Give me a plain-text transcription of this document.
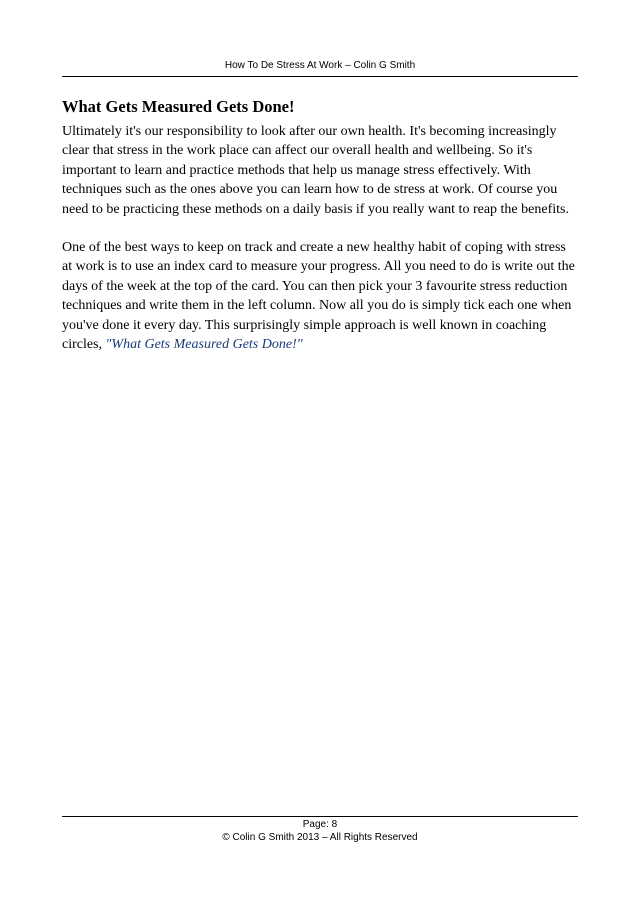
How To De Stress At Work – Colin G Smith
What Gets Measured Gets Done!

Ultimately it's our responsibility to look after our own health. It's becoming increasingly clear that stress in the work place can affect our overall health and wellbeing. So it's important to learn and practice methods that help us manage stress effectively. With techniques such as the ones above you can learn how to de stress at work. Of course you need to be practicing these methods on a daily basis if you really want to reap the benefits.

One of the best ways to keep on track and create a new healthy habit of coping with stress at work is to use an index card to measure your progress. All you need to do is write out the days of the week at the top of the card. You can then pick your 3 favourite stress reduction techniques and write them in the left column. Now all you do is simply tick each one when you've done it every day. This surprisingly simple approach is well known in coaching circles, "What Gets Measured Gets Done!"

Page: 8
© Colin G Smith 2013 – All Rights Reserved
